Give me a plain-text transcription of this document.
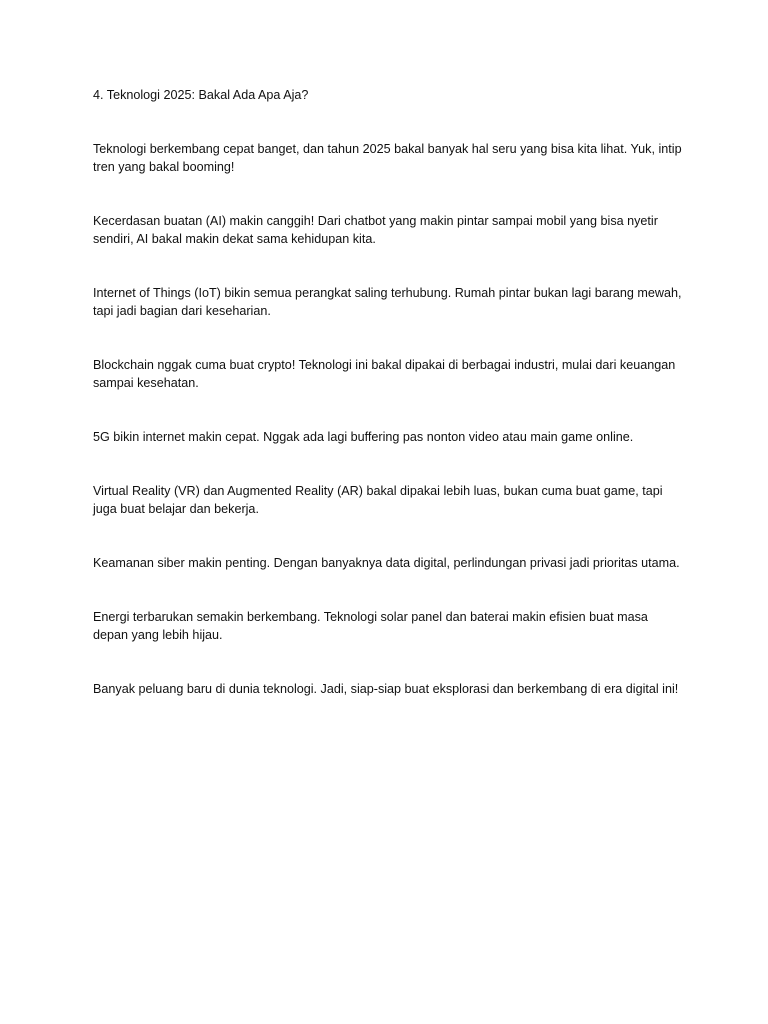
4. Teknologi 2025: Bakal Ada Apa Aja?

Teknologi berkembang cepat banget, dan tahun 2025 bakal banyak hal seru yang bisa kita lihat. Yuk, intip tren yang bakal booming!

Kecerdasan buatan (AI) makin canggih! Dari chatbot yang makin pintar sampai mobil yang bisa nyetir sendiri, AI bakal makin dekat sama kehidupan kita.

Internet of Things (IoT) bikin semua perangkat saling terhubung. Rumah pintar bukan lagi barang mewah, tapi jadi bagian dari keseharian.

Blockchain nggak cuma buat crypto! Teknologi ini bakal dipakai di berbagai industri, mulai dari keuangan sampai kesehatan.

5G bikin internet makin cepat. Nggak ada lagi buffering pas nonton video atau main game online.

Virtual Reality (VR) dan Augmented Reality (AR) bakal dipakai lebih luas, bukan cuma buat game, tapi juga buat belajar dan bekerja.

Keamanan siber makin penting. Dengan banyaknya data digital, perlindungan privasi jadi prioritas utama.

Energi terbarukan semakin berkembang. Teknologi solar panel dan baterai makin efisien buat masa depan yang lebih hijau.

Banyak peluang baru di dunia teknologi. Jadi, siap-siap buat eksplorasi dan berkembang di era digital ini!
